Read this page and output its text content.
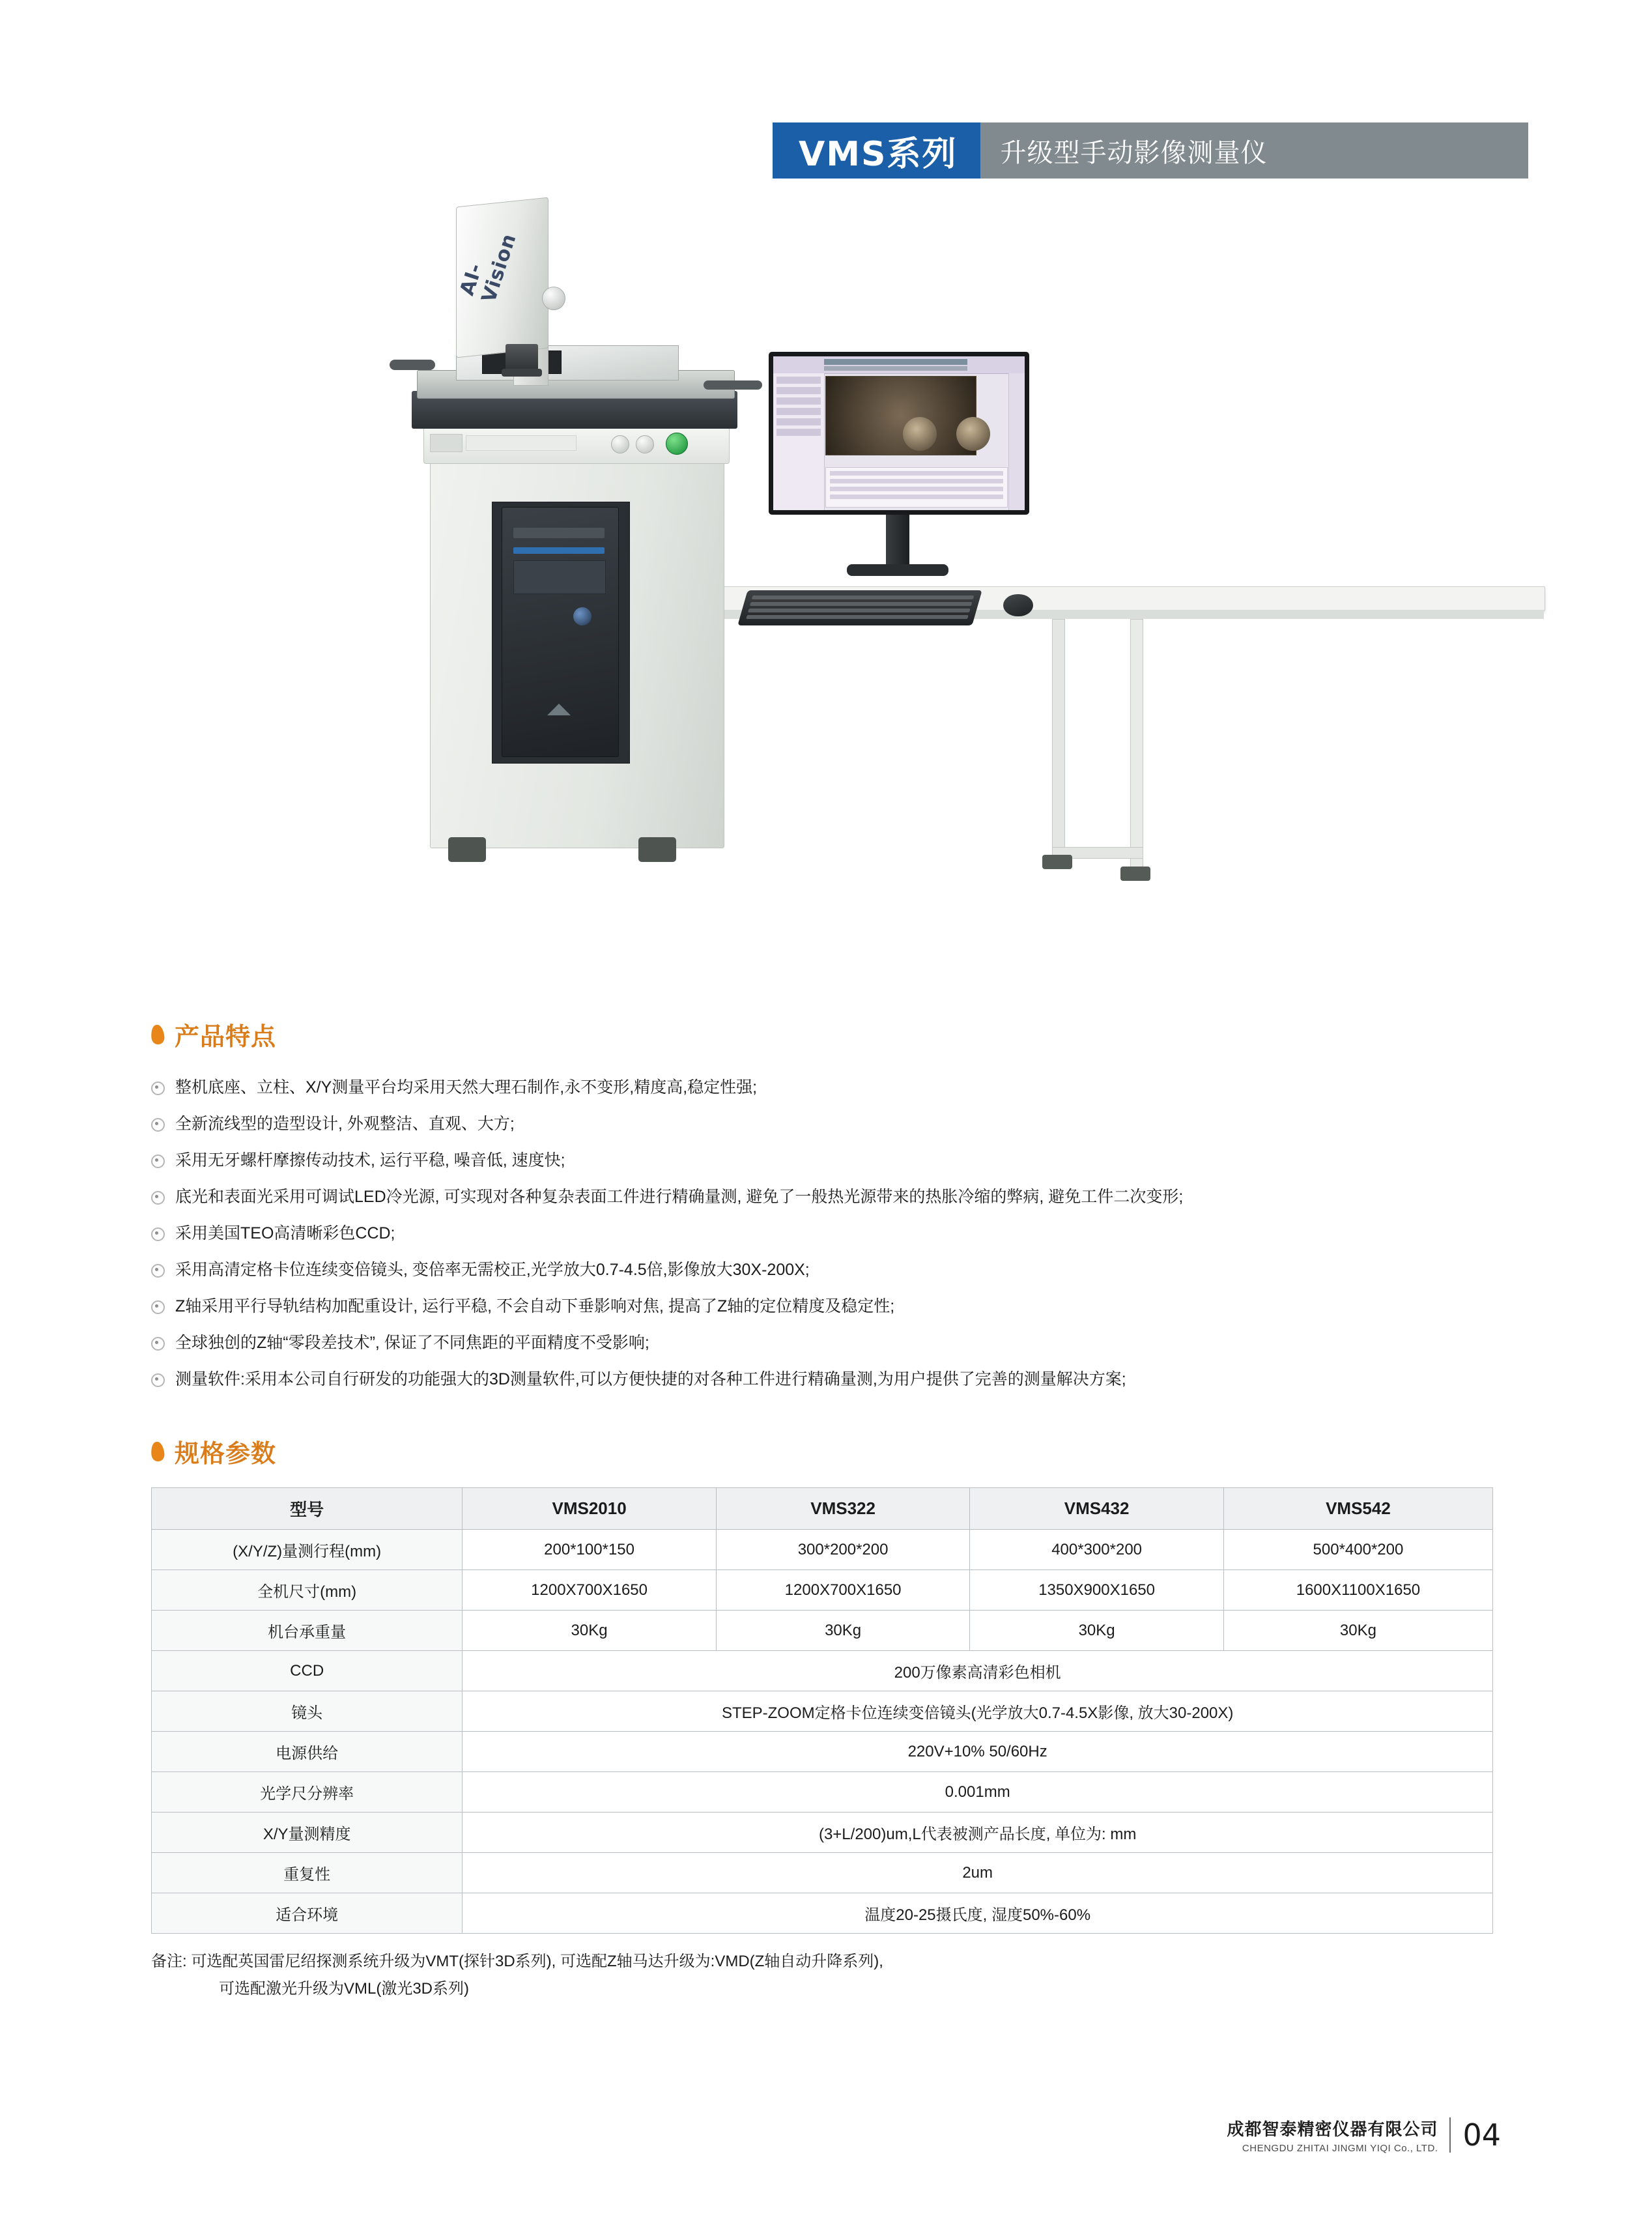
VMS系列	升级型手动影像测量仪
AI-Vision
产品特点
整机底座、立柱、X/Y测量平台均采用天然大理石制作,永不变形,精度高,稳定性强;
全新流线型的造型设计, 外观整洁、直观、大方;
采用无牙螺杆摩擦传动技术, 运行平稳, 噪音低, 速度快;
底光和表面光采用可调试LED冷光源, 可实现对各种复杂表面工件进行精确量测, 避免了一般热光源带来的热胀冷缩的弊病, 避免工件二次变形;
采用美国TEO高清晰彩色CCD;
采用高清定格卡位连续变倍镜头, 变倍率无需校正,光学放大0.7-4.5倍,影像放大30X-200X;
Z轴采用平行导轨结构加配重设计, 运行平稳, 不会自动下垂影响对焦, 提高了Z轴的定位精度及稳定性;
全球独创的Z轴“零段差技术”, 保证了不同焦距的平面精度不受影响;
测量软件:采用本公司自行研发的功能强大的3D测量软件,可以方便快捷的对各种工件进行精确量测,为用户提供了完善的测量解决方案;
规格参数
型号	VMS2010	VMS322	VMS432	VMS542
(X/Y/Z)量测行程(mm)	200*100*150	300*200*200	400*300*200	500*400*200
全机尺寸(mm)	1200X700X1650	1200X700X1650	1350X900X1650	1600X1100X1650
机台承重量	30Kg	30Kg	30Kg	30Kg
CCD	200万像素高清彩色相机			
镜头	STEP-ZOOM定格卡位连续变倍镜头(光学放大0.7-4.5X影像, 放大30-200X)			
电源供给	220V+10% 50/60Hz			
光学尺分辨率	0.001mm			
X/Y量测精度	(3+L/200)um,L代表被测产品长度, 单位为: mm			
重复性	2um			
适合环境	温度20-25摄氏度, 湿度50%-60%			
备注: 可选配英国雷尼绍探测系统升级为VMT(探针3D系列), 可选配Z轴马达升级为:VMD(Z轴自动升降系列),
可选配激光升级为VML(激光3D系列)
成都智泰精密仪器有限公司
CHENGDU ZHITAI JINGMI YIQI Co., LTD. 04
